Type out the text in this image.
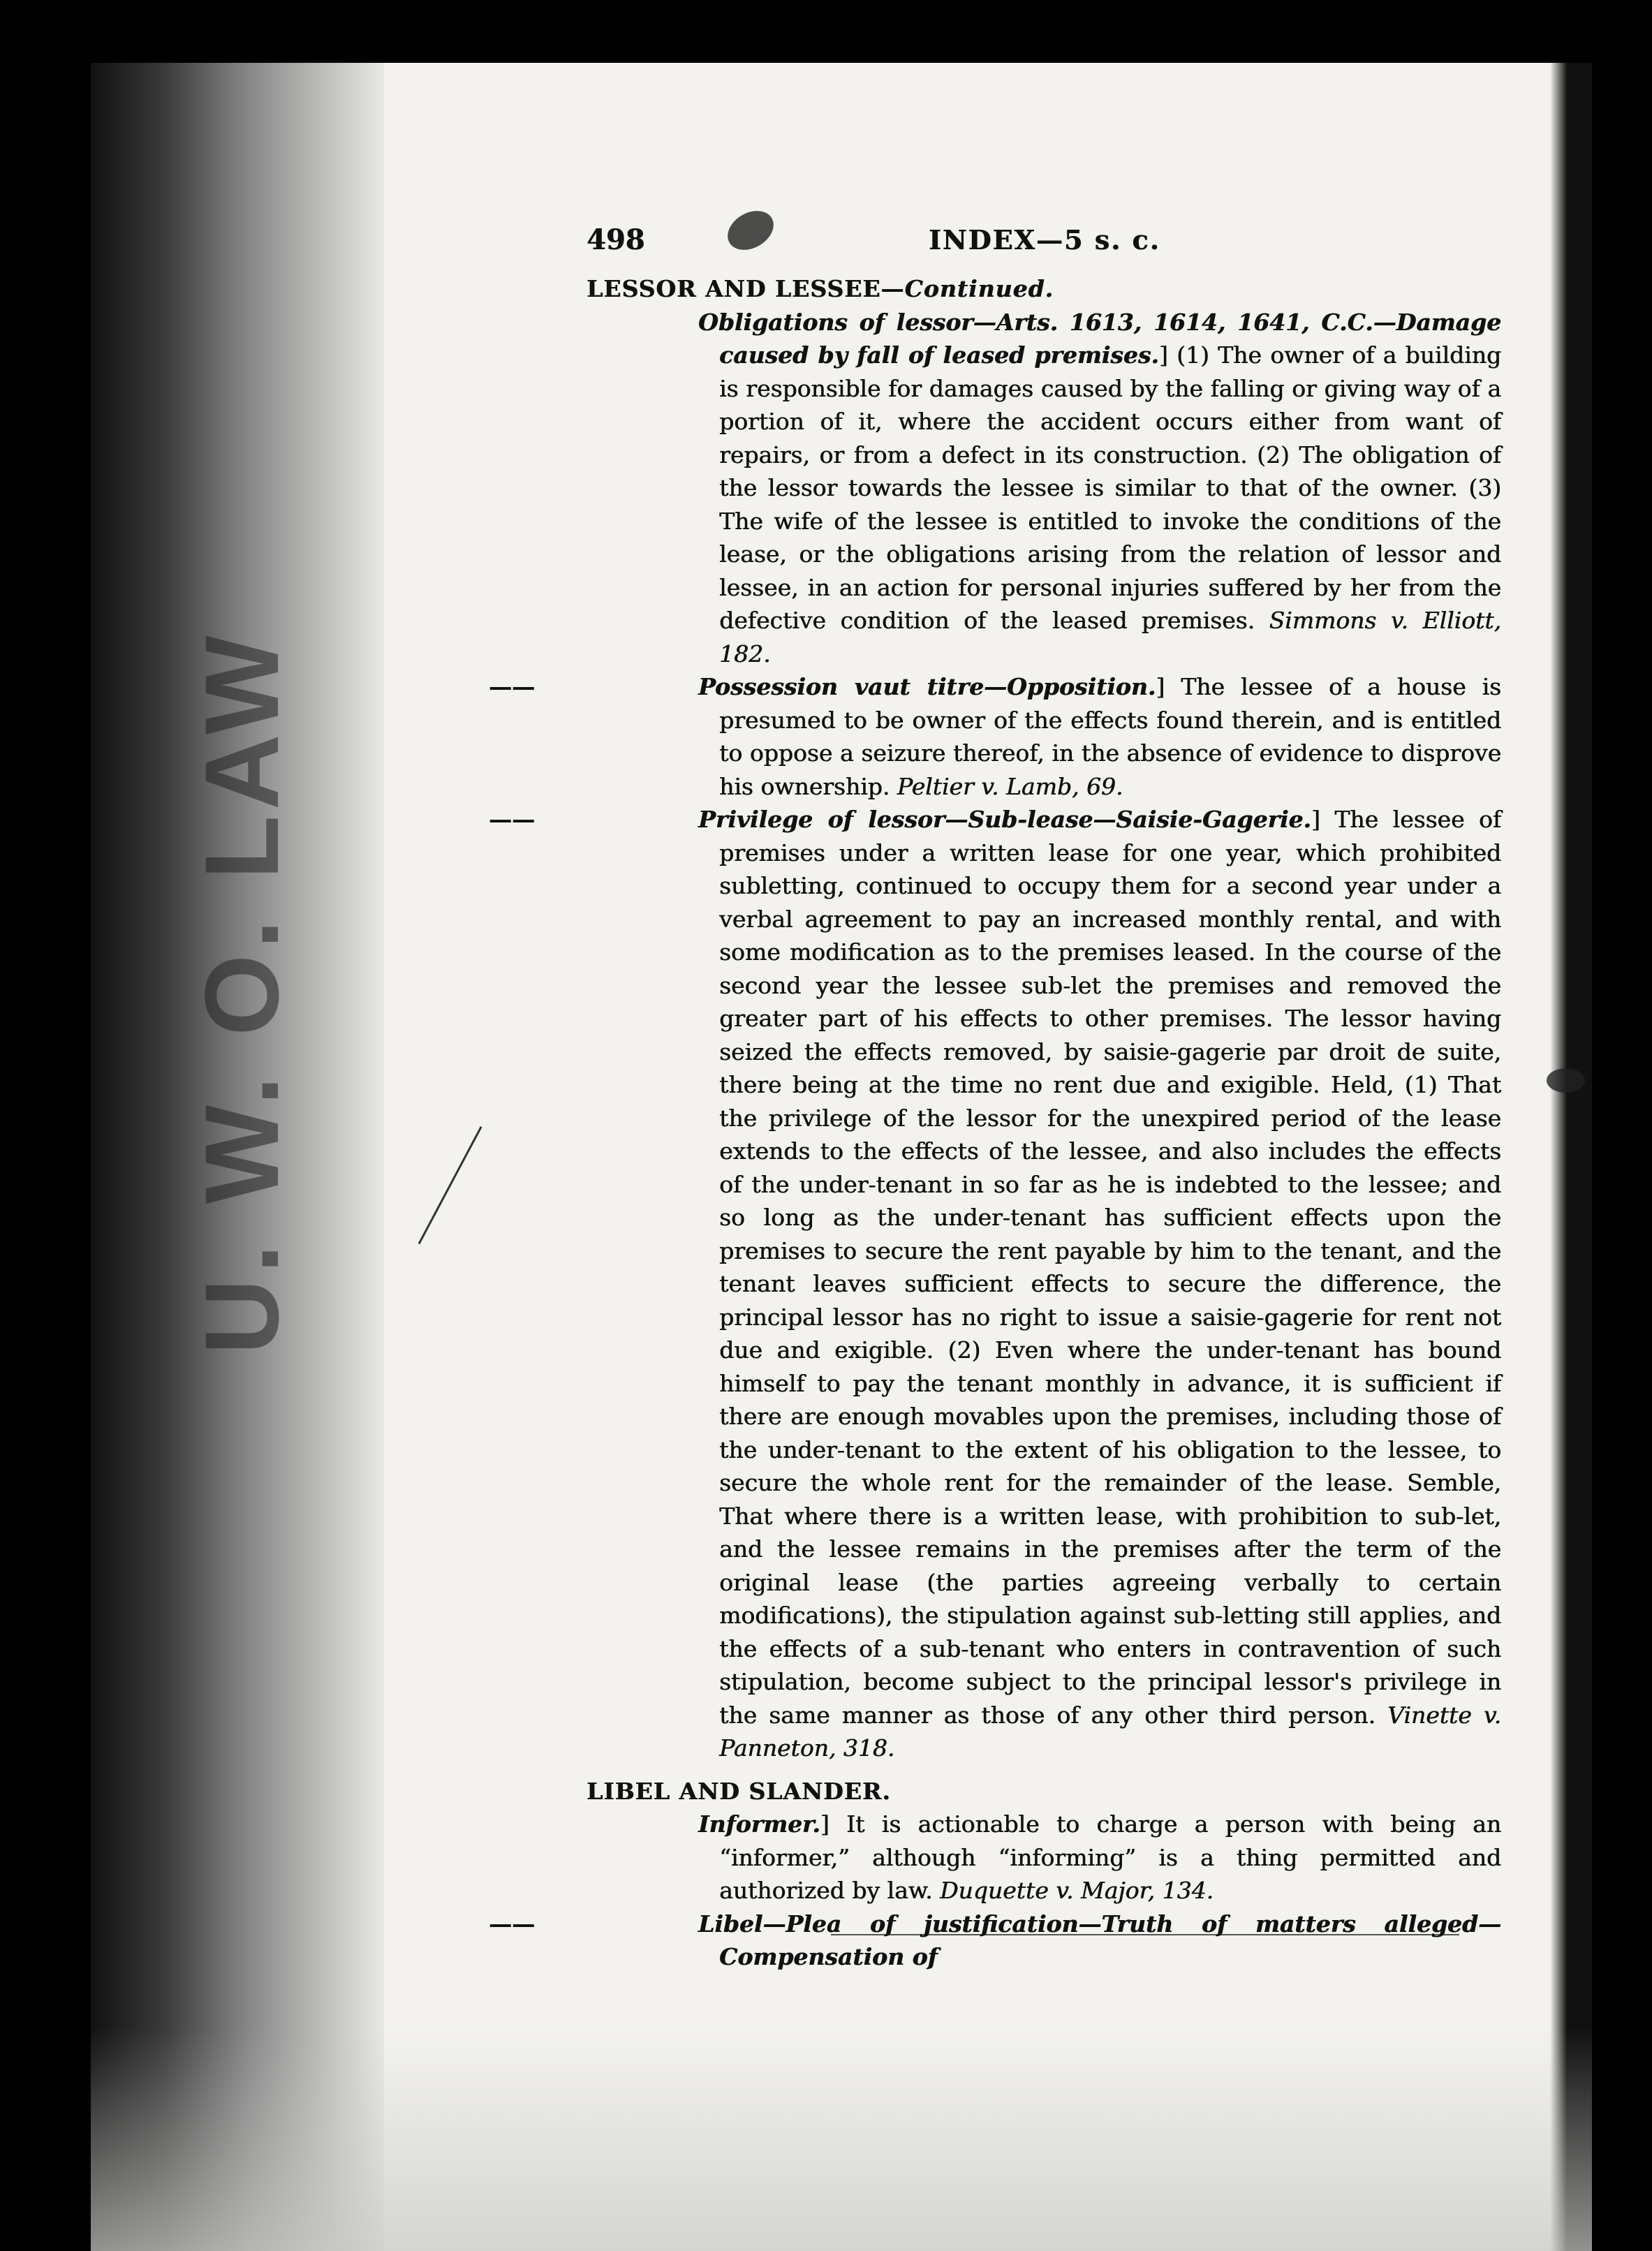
U. W. O. LAW
498	INDEX—5 s. c.
LESSOR AND LESSEE—Continued.
Obligations of lessor—Arts. 1613, 1614, 1641, C.C.—Damage caused by fall of leased premises.] (1) The owner of a building is responsible for damages caused by the falling or giving way of a portion of it, where the accident occurs either from want of repairs, or from a defect in its construction. (2) The obligation of the lessor towards the lessee is similar to that of the owner. (3) The wife of the lessee is entitled to invoke the conditions of the lease, or the obligations arising from the relation of lessor and lessee, in an action for personal injuries suffered by her from the defective condition of the leased premises. Simmons v. Elliott, 182.
——	Possession vaut titre—Opposition.] The lessee of a house is presumed to be owner of the effects found therein, and is entitled to oppose a seizure thereof, in the absence of evidence to disprove his ownership. Peltier v. Lamb, 69.
——	Privilege of lessor—Sub-lease—Saisie-Gagerie.] The lessee of premises under a written lease for one year, which prohibited subletting, continued to occupy them for a second year under a verbal agreement to pay an increased monthly rental, and with some modification as to the premises leased. In the course of the second year the lessee sub-let the premises and removed the greater part of his effects to other premises. The lessor having seized the effects removed, by saisie-gagerie par droit de suite, there being at the time no rent due and exigible. Held, (1) That the privilege of the lessor for the unexpired period of the lease extends to the effects of the lessee, and also includes the effects of the under-tenant in so far as he is indebted to the lessee; and so long as the under-tenant has sufficient effects upon the premises to secure the rent payable by him to the tenant, and the tenant leaves sufficient effects to secure the difference, the principal lessor has no right to issue a saisie-gagerie for rent not due and exigible. (2) Even where the under-tenant has bound himself to pay the tenant monthly in advance, it is sufficient if there are enough movables upon the premises, including those of the under-tenant to the extent of his obligation to the lessee, to secure the whole rent for the remainder of the lease. Semble, That where there is a written lease, with prohibition to sub-let, and the lessee remains in the premises after the term of the original lease (the parties agreeing verbally to certain modifications), the stipulation against sub-letting still applies, and the effects of a sub-tenant who enters in contravention of such stipulation, become subject to the principal lessor's privilege in the same manner as those of any other third person. Vinette v. Panneton, 318.
LIBEL AND SLANDER.
Informer.] It is actionable to charge a person with being an “informer,” although “informing” is a thing permitted and authorized by law. Duquette v. Major, 134.
——	Libel—Plea of justification—Truth of matters alleged—Compensation of
